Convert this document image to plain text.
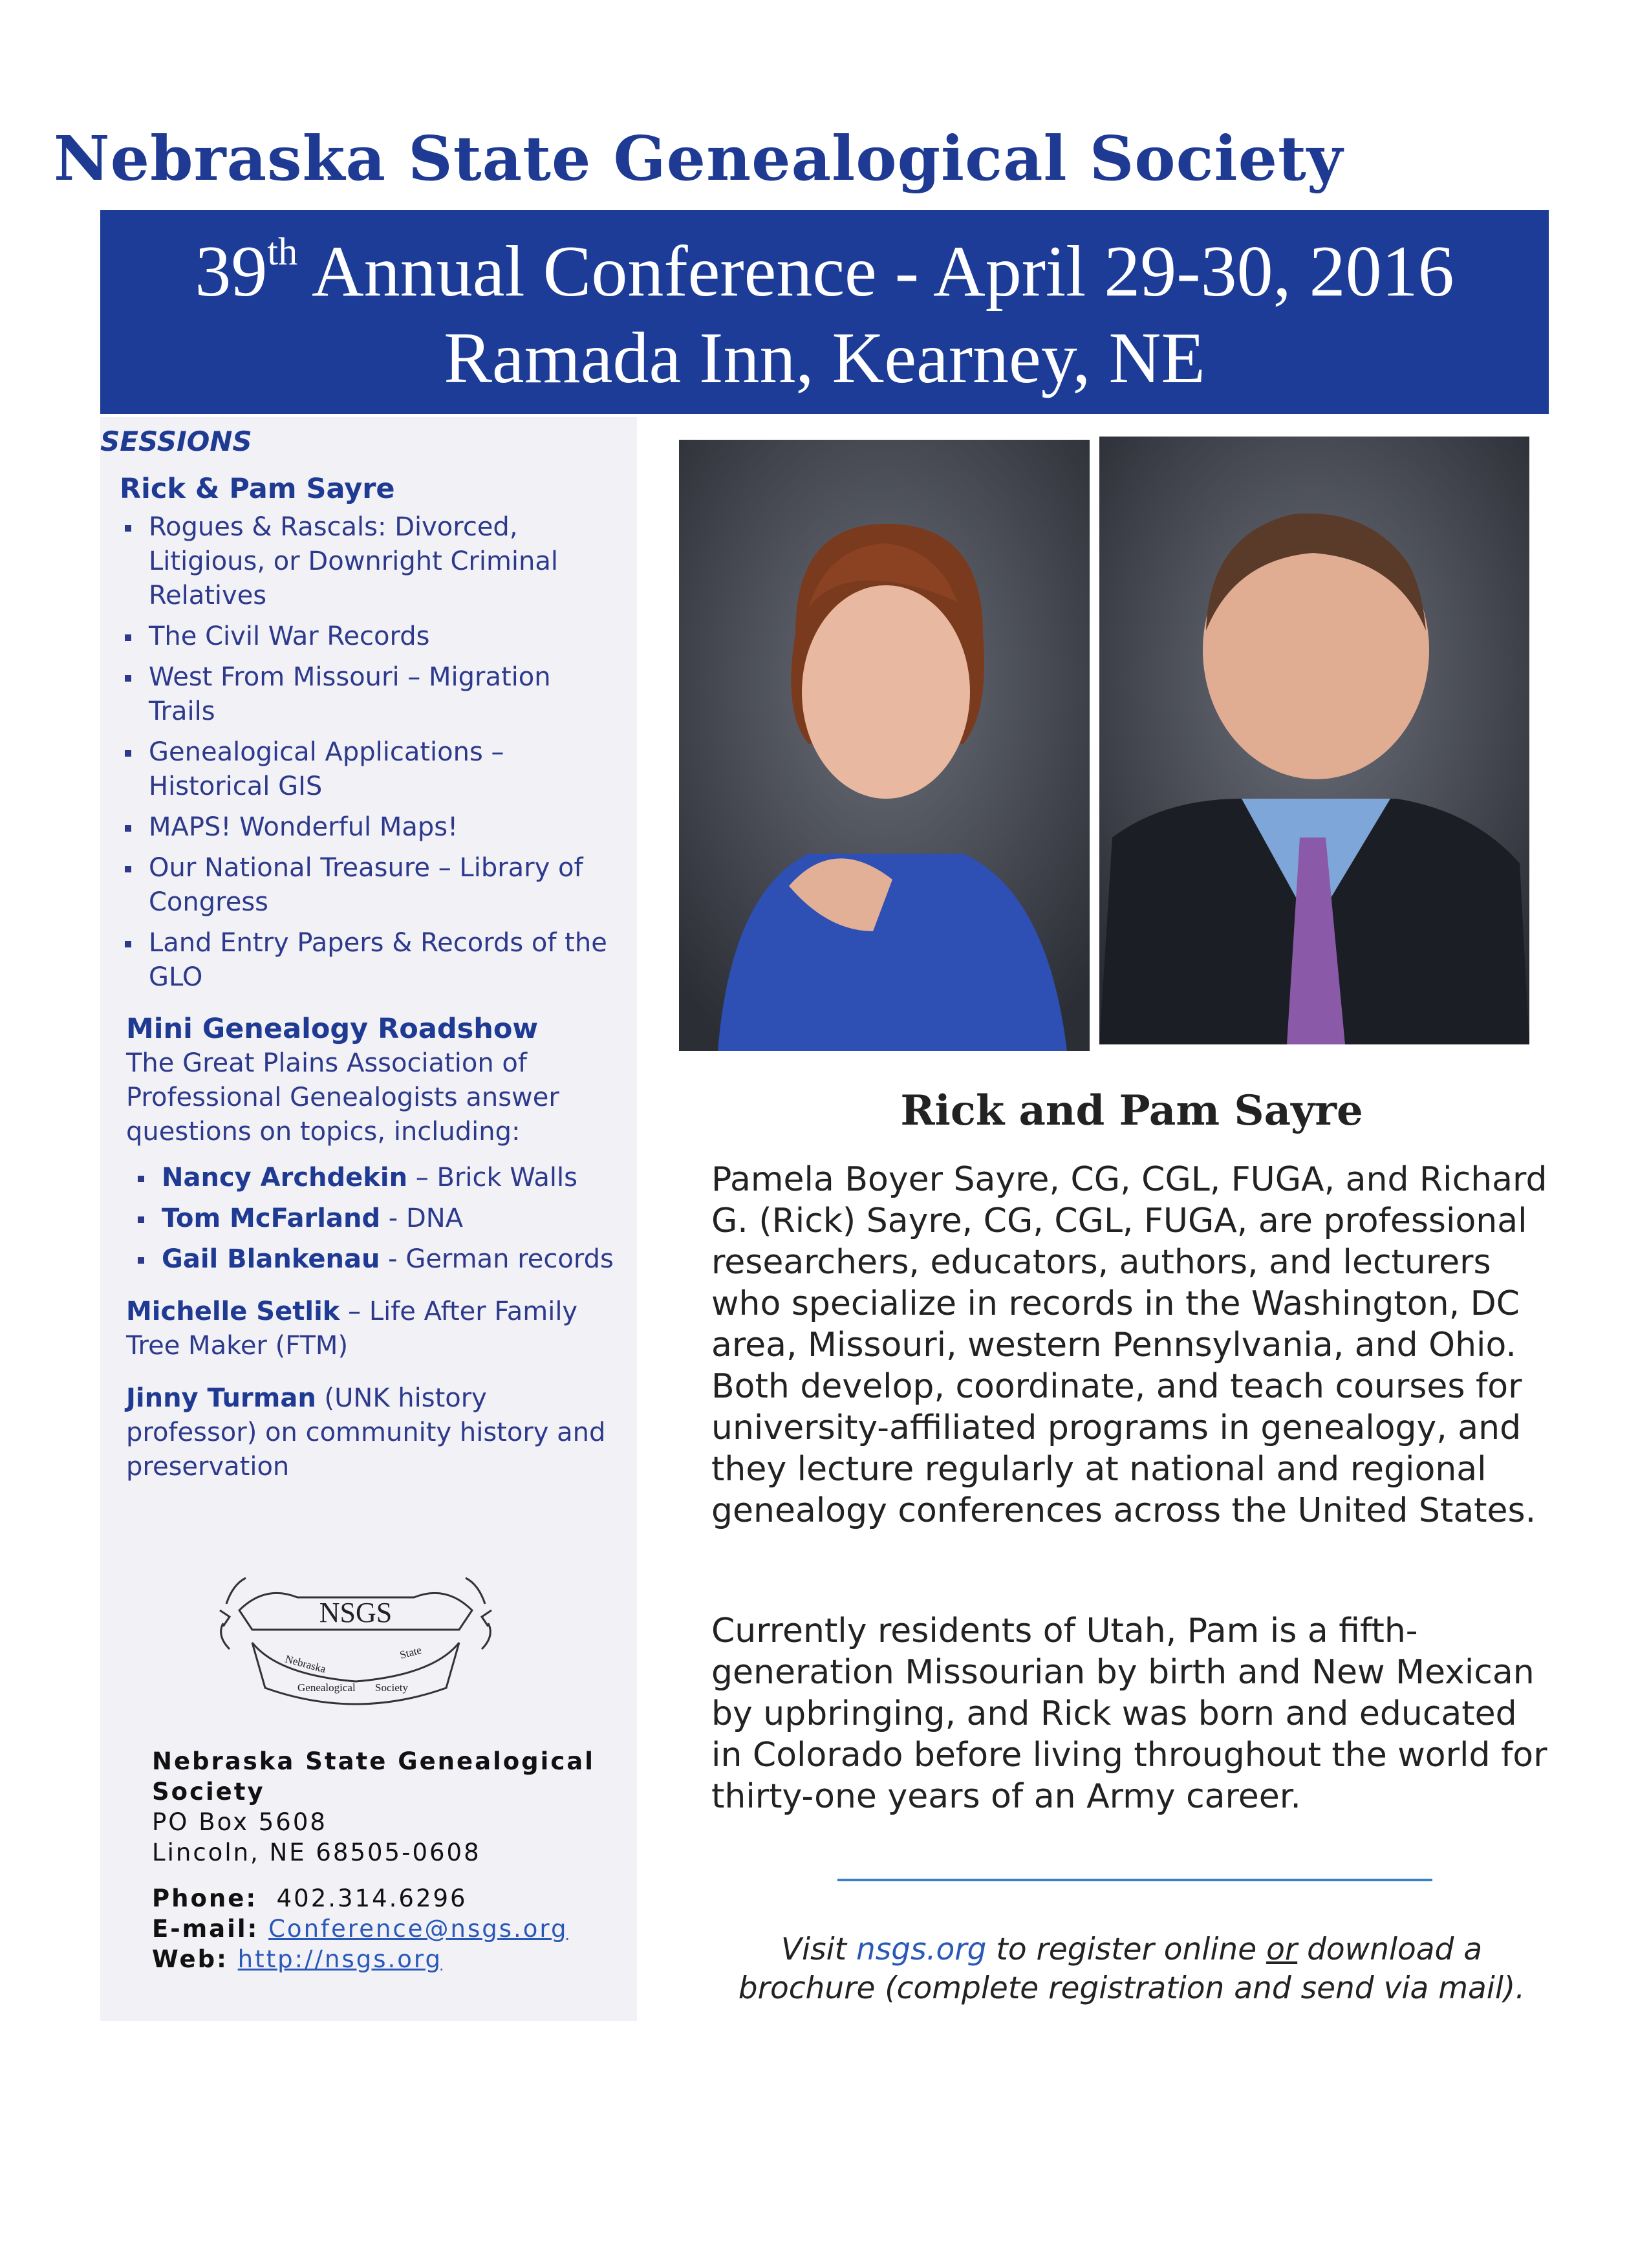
Nebraska State Genealogical Society
39th Annual Conference - April 29-30, 2016
Ramada Inn, Kearney, NE
SESSIONS
Rick & Pam Sayre
Rogues & Rascals: Divorced, Litigious, or Downright Criminal Relatives
The Civil War Records
West From Missouri – Migration Trails
Genealogical Applications – Historical GIS
MAPS! Wonderful Maps!
Our National Treasure – Library of Congress
Land Entry Papers & Records of the GLO
Mini Genealogy Roadshow
The Great Plains Association of Professional Genealogists answer questions on topics, including:
Nancy Archdekin – Brick Walls
Tom McFarland - DNA
Gail Blankenau - German records
Michelle Setlik – Life After Family Tree Maker (FTM)
Jinny Turman (UNK history professor) on community history and preservation
NSGS
Nebraska
State
Genealogical Society
Nebraska State Genealogical Society
PO Box 5608
Lincoln, NE 68505-0608
Phone: 402.314.6296
E-mail: Conference@nsgs.org
Web: http://nsgs.org
Rick and Pam Sayre
Pamela Boyer Sayre, CG, CGL, FUGA, and Richard G. (Rick) Sayre, CG, CGL, FUGA, are professional researchers, educators, authors, and lecturers who specialize in records in the Washington, DC area, Missouri, western Pennsylvania, and Ohio. Both develop, coordinate, and teach courses for university-affiliated programs in genealogy, and they lecture regularly at national and regional genealogy conferences across the United States.
Currently residents of Utah, Pam is a fifth-generation Missourian by birth and New Mexican by upbringing, and Rick was born and educated in Colorado before living throughout the world for thirty-one years of an Army career.
Visit nsgs.org to register online or download a brochure (complete registration and send via mail).
